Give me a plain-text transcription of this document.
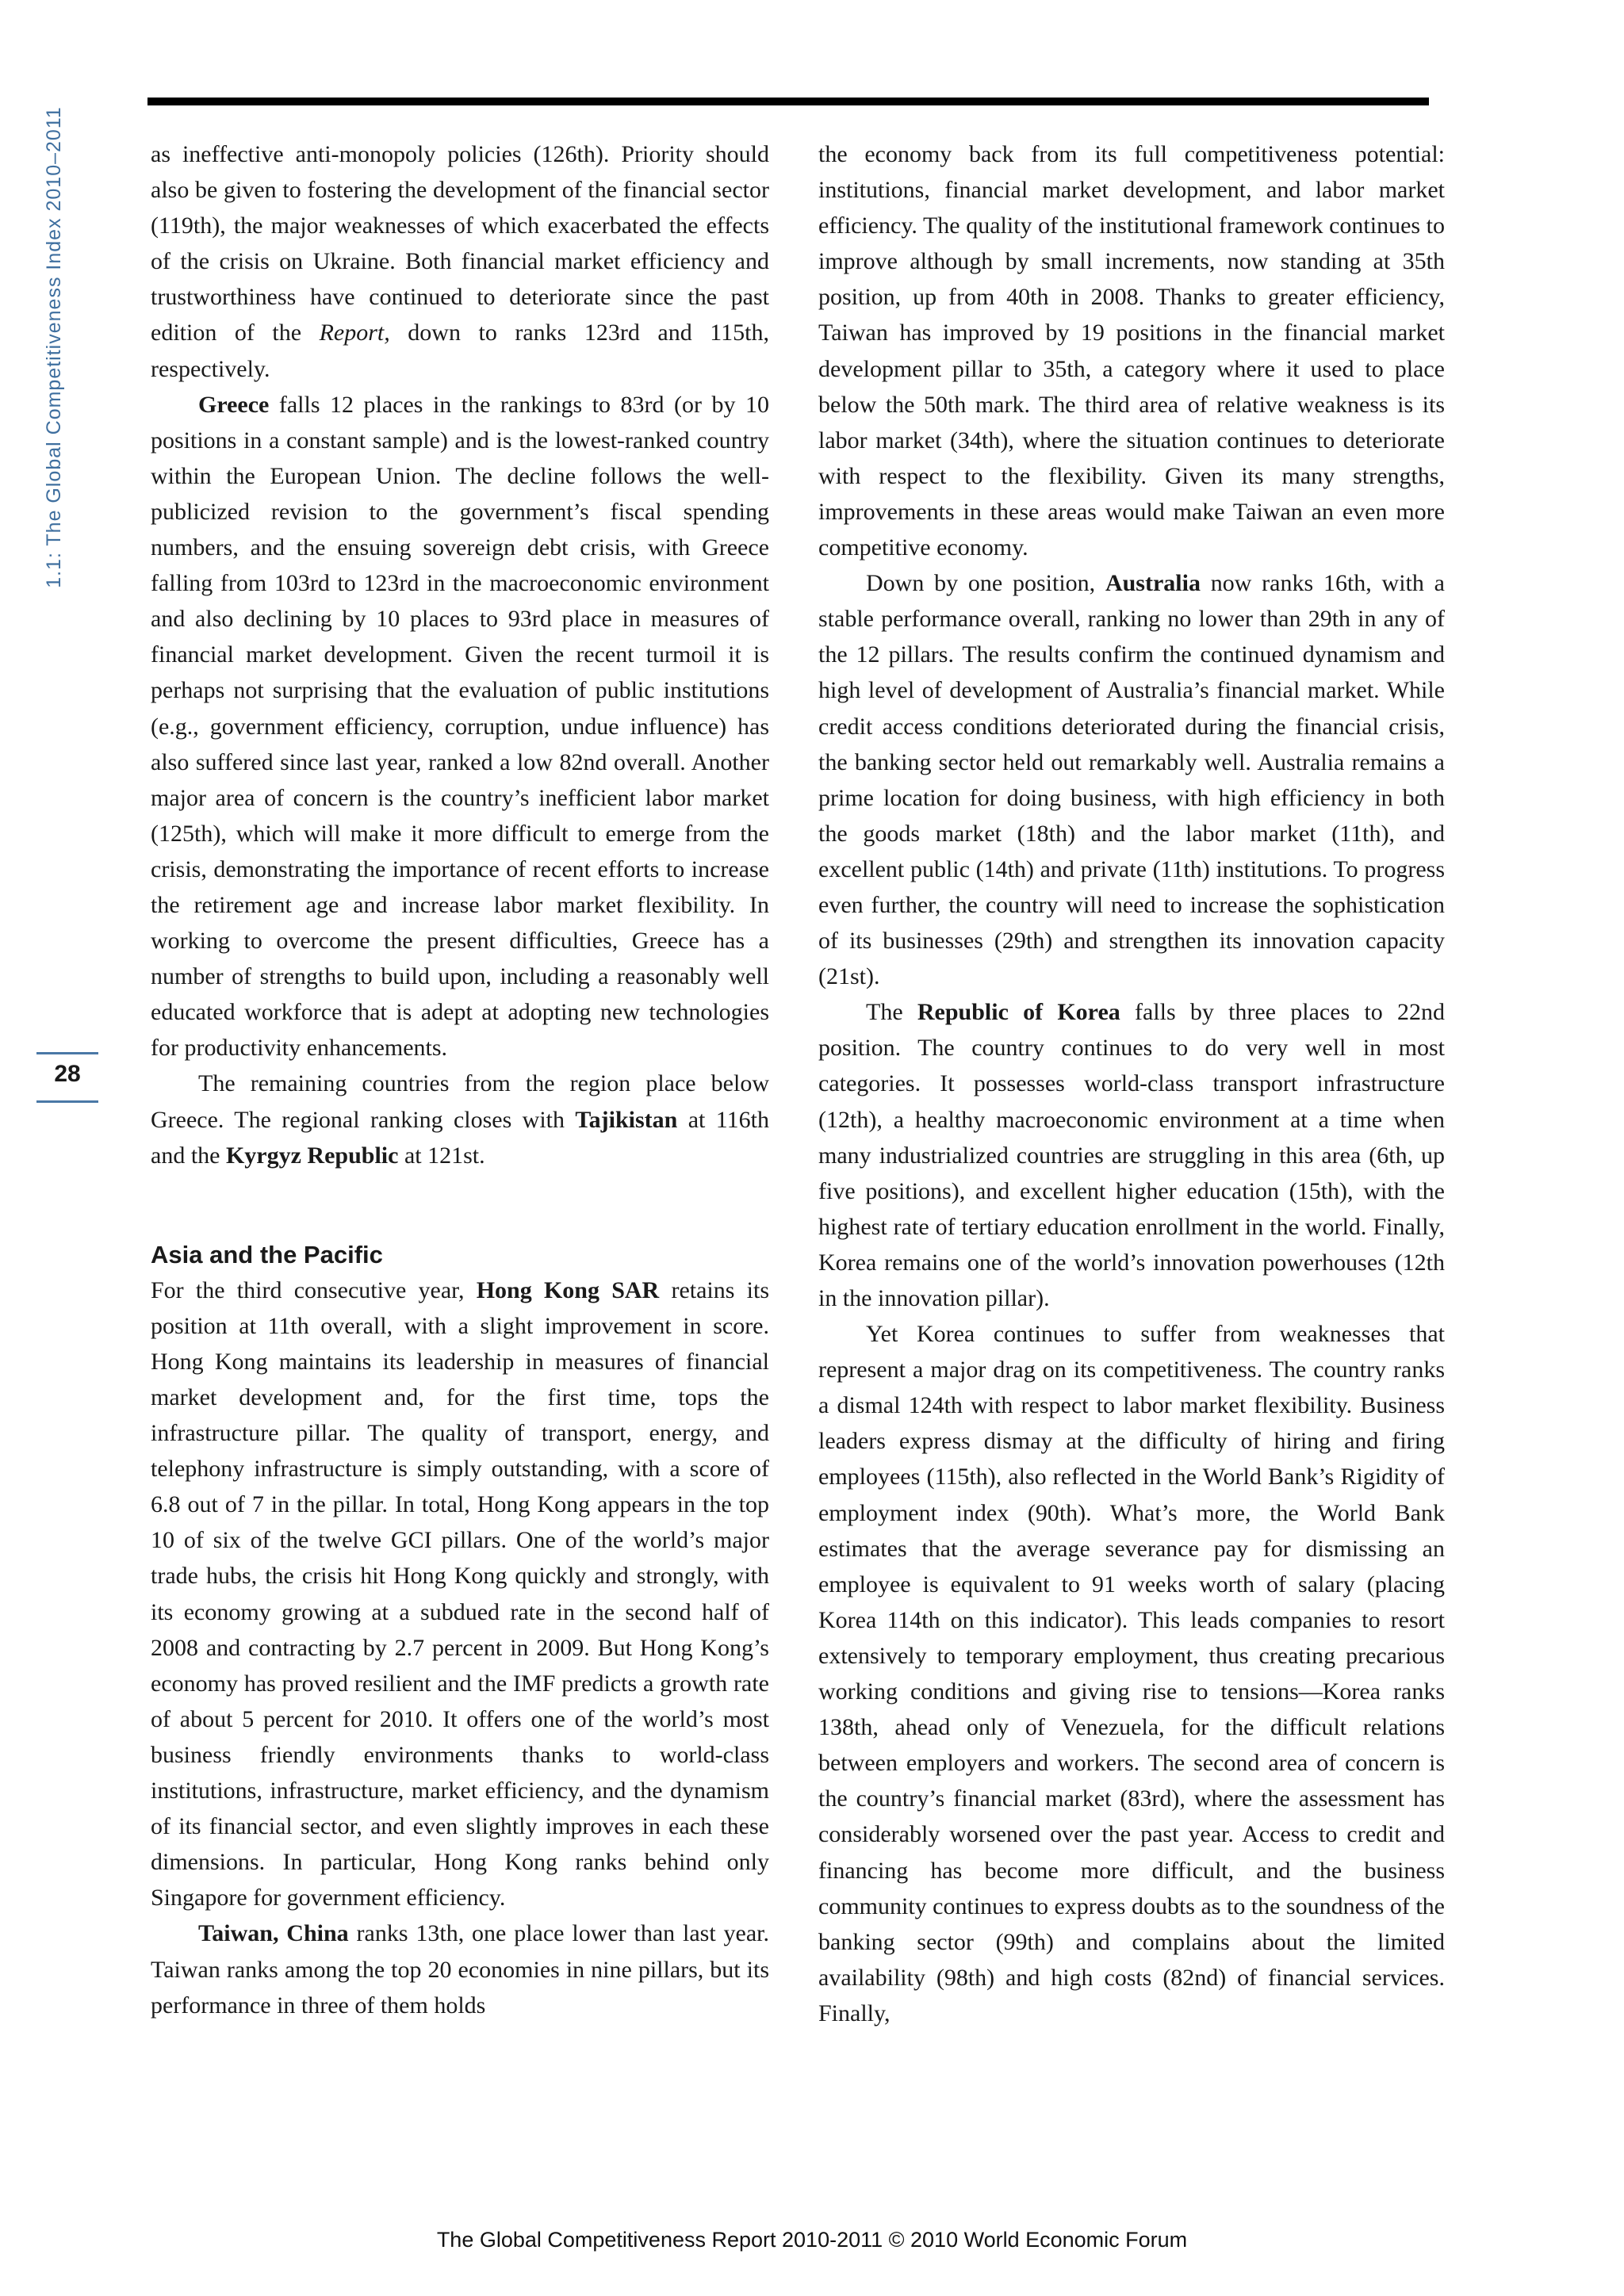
1.1: The Global Competitiveness Index 2010–2011
28

as ineffective anti-monopoly policies (126th). Priority should also be given to fostering the development of the financial sector (119th), the major weaknesses of which exacerbated the effects of the crisis on Ukraine. Both financial market efficiency and trustworthiness have continued to deteriorate since the past edition of the Report, down to ranks 123rd and 115th, respectively.

Greece falls 12 places in the rankings to 83rd (or by 10 positions in a constant sample) and is the lowest-ranked country within the European Union. The decline follows the well-publicized revision to the government’s fiscal spending numbers, and the ensuing sovereign debt crisis, with Greece falling from 103rd to 123rd in the macroeconomic environment and also declining by 10 places to 93rd place in measures of financial market development. Given the recent turmoil it is perhaps not surprising that the evaluation of public institutions (e.g., government efficiency, corruption, undue influence) has also suffered since last year, ranked a low 82nd overall. Another major area of concern is the country’s inefficient labor market (125th), which will make it more difficult to emerge from the crisis, demonstrating the importance of recent efforts to increase the retirement age and increase labor market flexibility. In working to overcome the present difficulties, Greece has a number of strengths to build upon, including a reasonably well educated workforce that is adept at adopting new technologies for productivity enhancements.

The remaining countries from the region place below Greece. The regional ranking closes with Tajikistan at 116th and the Kyrgyz Republic at 121st.

Asia and the Pacific

For the third consecutive year, Hong Kong SAR retains its position at 11th overall, with a slight improvement in score. Hong Kong maintains its leadership in measures of financial market development and, for the first time, tops the infrastructure pillar. The quality of transport, energy, and telephony infrastructure is simply outstanding, with a score of 6.8 out of 7 in the pillar. In total, Hong Kong appears in the top 10 of six of the twelve GCI pillars. One of the world’s major trade hubs, the crisis hit Hong Kong quickly and strongly, with its economy growing at a subdued rate in the second half of 2008 and contracting by 2.7 percent in 2009. But Hong Kong’s economy has proved resilient and the IMF predicts a growth rate of about 5 percent for 2010. It offers one of the world’s most business friendly environments thanks to world-class institutions, infrastructure, market efficiency, and the dynamism of its financial sector, and even slightly improves in each these dimensions. In particular, Hong Kong ranks behind only Singapore for government efficiency.

Taiwan, China ranks 13th, one place lower than last year. Taiwan ranks among the top 20 economies in nine pillars, but its performance in three of them holds

the economy back from its full competitiveness potential: institutions, financial market development, and labor market efficiency. The quality of the institutional framework continues to improve although by small increments, now standing at 35th position, up from 40th in 2008. Thanks to greater efficiency, Taiwan has improved by 19 positions in the financial market development pillar to 35th, a category where it used to place below the 50th mark. The third area of relative weakness is its labor market (34th), where the situation continues to deteriorate with respect to the flexibility. Given its many strengths, improvements in these areas would make Taiwan an even more competitive economy.

Down by one position, Australia now ranks 16th, with a stable performance overall, ranking no lower than 29th in any of the 12 pillars. The results confirm the continued dynamism and high level of development of Australia’s financial market. While credit access conditions deteriorated during the financial crisis, the banking sector held out remarkably well. Australia remains a prime location for doing business, with high efficiency in both the goods market (18th) and the labor market (11th), and excellent public (14th) and private (11th) institutions. To progress even further, the country will need to increase the sophistication of its businesses (29th) and strengthen its innovation capacity (21st).

The Republic of Korea falls by three places to 22nd position. The country continues to do very well in most categories. It possesses world-class transport infrastructure (12th), a healthy macroeconomic environment at a time when many industrialized countries are struggling in this area (6th, up five positions), and excellent higher education (15th), with the highest rate of tertiary education enrollment in the world. Finally, Korea remains one of the world’s innovation powerhouses (12th in the innovation pillar).

Yet Korea continues to suffer from weaknesses that represent a major drag on its competitiveness. The country ranks a dismal 124th with respect to labor market flexibility. Business leaders express dismay at the difficulty of hiring and firing employees (115th), also reflected in the World Bank’s Rigidity of employment index (90th). What’s more, the World Bank estimates that the average severance pay for dismissing an employee is equivalent to 91 weeks worth of salary (placing Korea 114th on this indicator). This leads companies to resort extensively to temporary employment, thus creating precarious working conditions and giving rise to tensions—Korea ranks 138th, ahead only of Venezuela, for the difficult relations between employers and workers. The second area of concern is the country’s financial market (83rd), where the assessment has considerably worsened over the past year. Access to credit and financing has become more difficult, and the business community continues to express doubts as to the soundness of the banking sector (99th) and complains about the limited availability (98th) and high costs (82nd) of financial services. Finally,

The Global Competitiveness Report 2010-2011 © 2010 World Economic Forum
